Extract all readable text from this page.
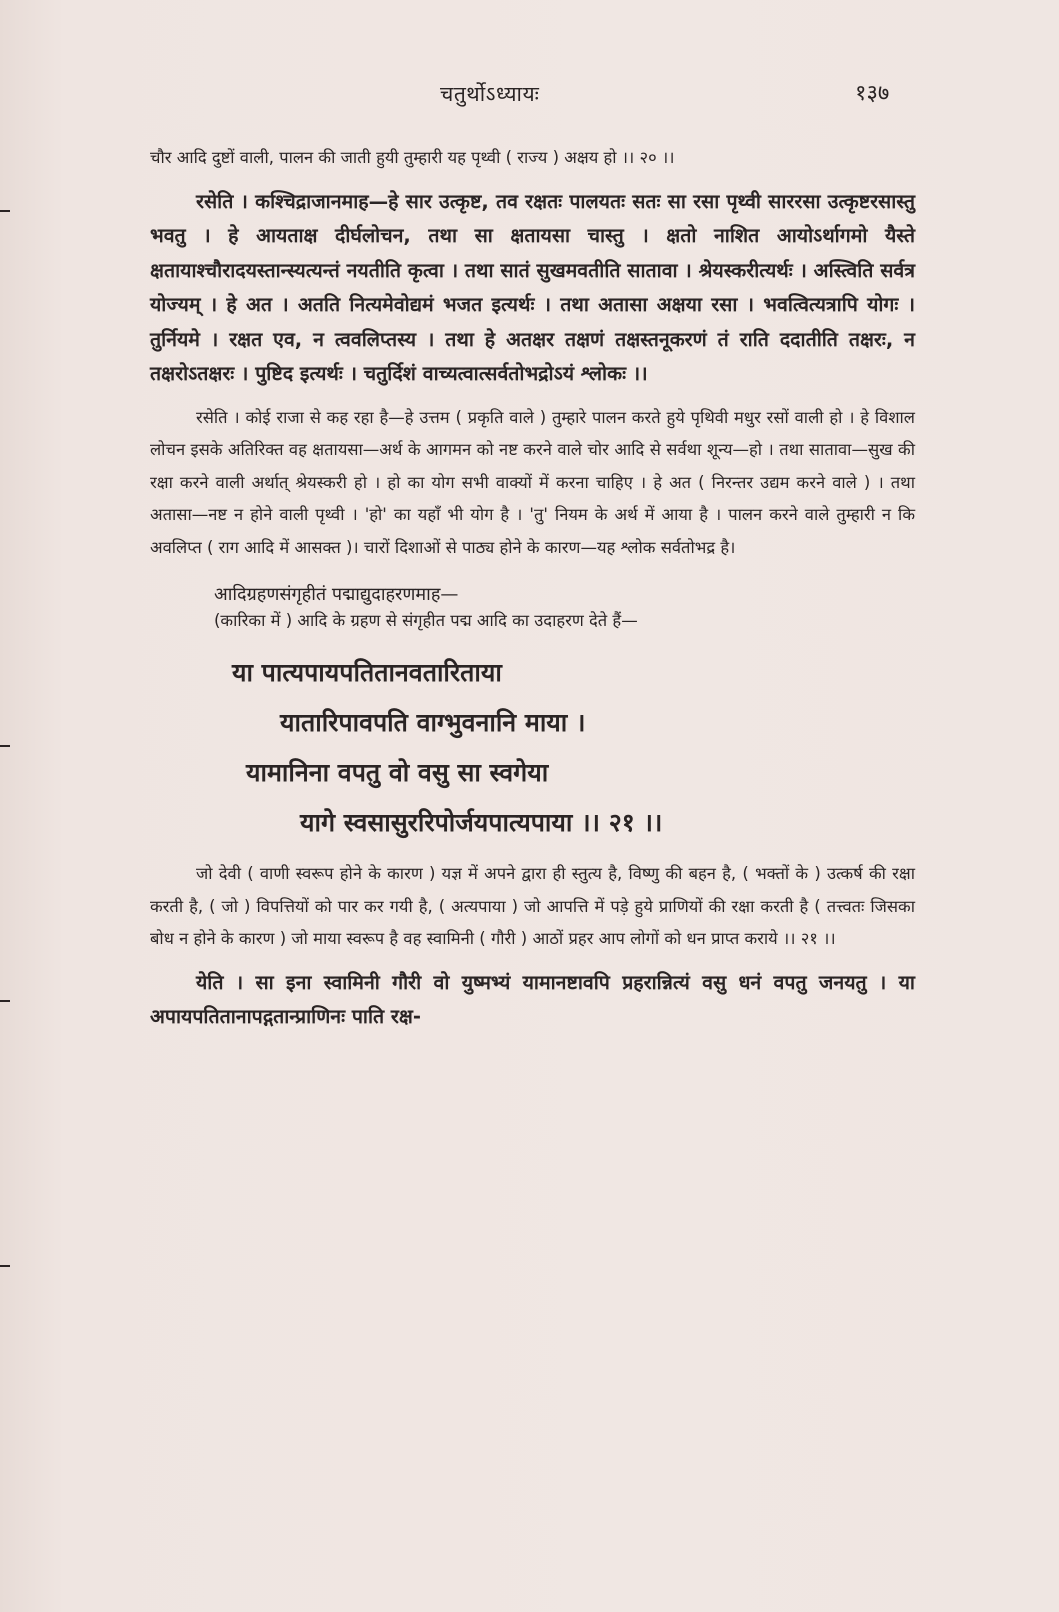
चतुर्थोऽध्यायः	१३७

चौर आदि दुष्टों वाली, पालन की जाती हुयी तुम्हारी यह पृथ्वी ( राज्य ) अक्षय हो ।। २० ।।

रसेति । कश्चिद्राजानमाह—हे सार उत्कृष्ट, तव रक्षतः पालयतः सतः सा रसा पृथ्वी साररसा उत्कृष्टरसास्तु भवतु । हे आयताक्ष दीर्घलोचन, तथा सा क्षतायसा चास्तु । क्षतो नाशित आयोऽर्थागमो यैस्ते क्षतायाश्चौरादयस्तान्स्यत्यन्तं नयतीति कृत्वा । तथा सातं सुखमवतीति सातावा । श्रेयस्करीत्यर्थः । अस्त्विति सर्वत्र योज्यम् । हे अत । अतति नित्यमेवोद्यमं भजत इत्यर्थः । तथा अतासा अक्षया रसा । भवत्वित्यत्रापि योगः । तुर्नियमे । रक्षत एव, न त्ववलिप्तस्य । तथा हे अतक्षर तक्षणं तक्षस्तनूकरणं तं राति ददातीति तक्षरः, न तक्षरोऽतक्षरः । पुष्टिद इत्यर्थः । चतुर्दिशं वाच्यत्वात्सर्वतोभद्रोऽयं श्लोकः ।।

रसेति । कोई राजा से कह रहा है—हे उत्तम ( प्रकृति वाले ) तुम्हारे पालन करते हुये पृथिवी मधुर रसों वाली हो । हे विशाल लोचन इसके अतिरिक्त वह क्षतायसा—अर्थ के आगमन को नष्ट करने वाले चोर आदि से सर्वथा शून्य—हो । तथा सातावा—सुख की रक्षा करने वाली अर्थात् श्रेयस्करी हो । हो का योग सभी वाक्यों में करना चाहिए । हे अत ( निरन्तर उद्यम करने वाले ) । तथा अतासा—नष्ट न होने वाली पृथ्वी । 'हो' का यहाँ भी योग है । 'तु' नियम के अर्थ में आया है । पालन करने वाले तुम्हारी न कि अवलिप्त ( राग आदि में आसक्त )। चारों दिशाओं से पाठ्य होने के कारण—यह श्लोक सर्वतोभद्र है।

आदिग्रहणसंगृहीतं पद्माद्युदाहरणमाह—

(कारिका में ) आदि के ग्रहण से संगृहीत पद्म आदि का उदाहरण देते हैं—

या पात्यपायपतितानवतारिताया
यातारिपावपति वाग्भुवनानि माया ।
यामानिना वपतु वो वसु सा स्वगेया
यागे स्वसासुररिपोर्जयपात्यपाया ।। २१ ।।

जो देवी ( वाणी स्वरूप होने के कारण ) यज्ञ में अपने द्वारा ही स्तुत्य है, विष्णु की बहन है, ( भक्तों के ) उत्कर्ष की रक्षा करती है, ( जो ) विपत्तियों को पार कर गयी है, ( अत्यपाया ) जो आपत्ति में पड़े हुये प्राणियों की रक्षा करती है ( तत्त्वतः जिसका बोध न होने के कारण ) जो माया स्वरूप है वह स्वामिनी ( गौरी ) आठों प्रहर आप लोगों को धन प्राप्त कराये ।। २१ ।।

येति । सा इना स्वामिनी गौरी वो युष्मभ्यं यामानष्टावपि प्रहरान्नित्यं वसु धनं वपतु जनयतु । या अपायपतितानापद्गतान्प्राणिनः पाति रक्ष-
